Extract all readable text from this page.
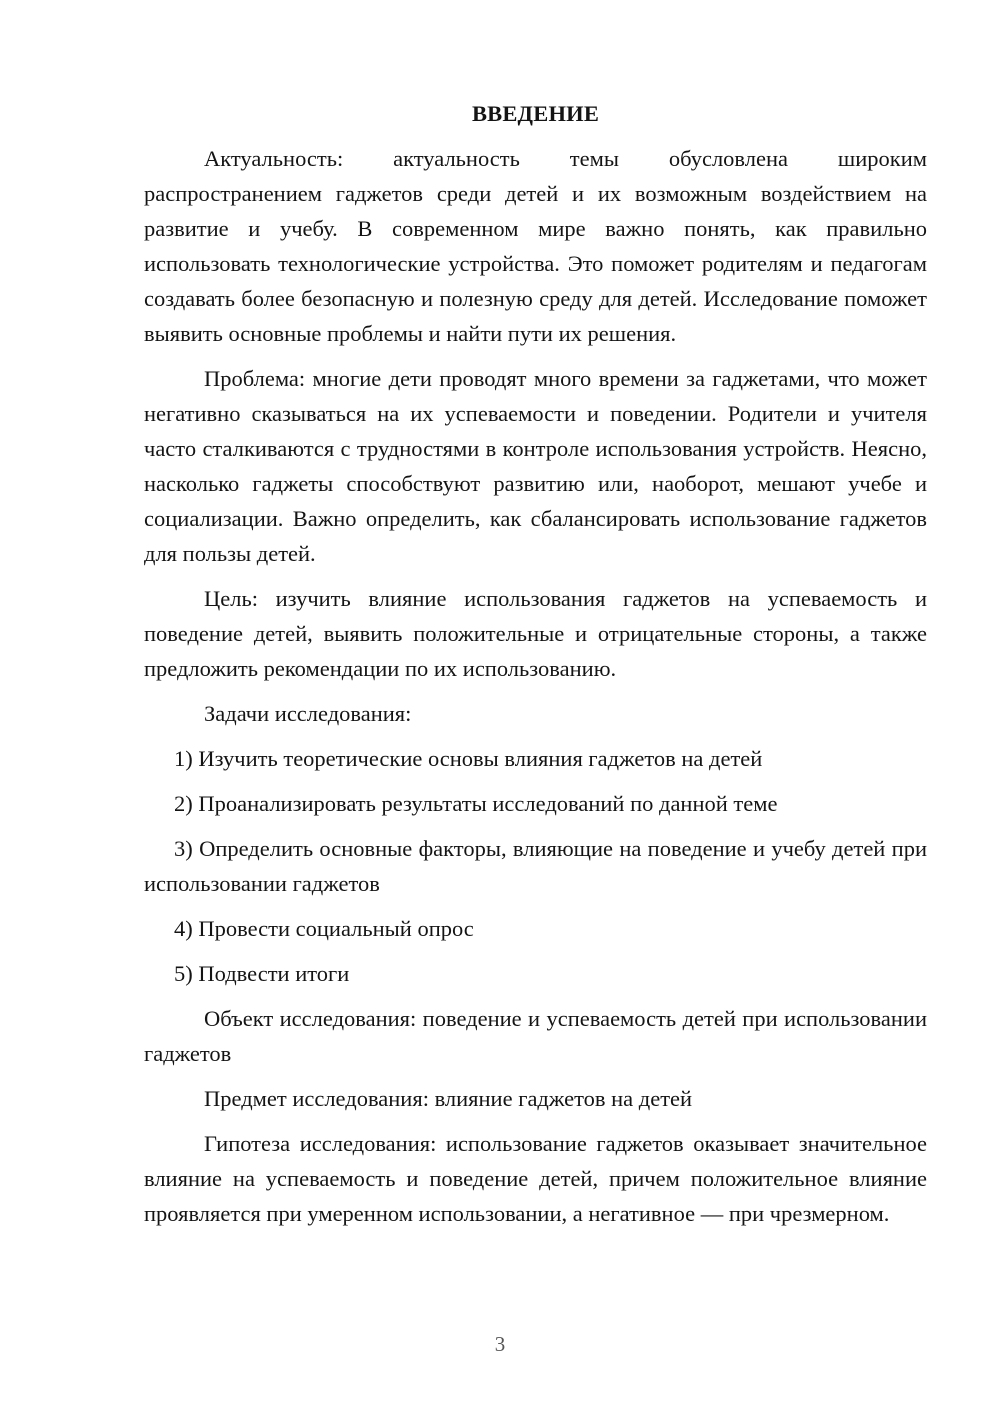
ВВЕДЕНИЕ

Актуальность: актуальность темы обусловлена широким распространением гаджетов среди детей и их возможным воздействием на развитие и учебу. В современном мире важно понять, как правильно использовать технологические устройства. Это поможет родителям и педагогам создавать более безопасную и полезную среду для детей. Исследование поможет выявить основные проблемы и найти пути их решения.

Проблема: многие дети проводят много времени за гаджетами, что может негативно сказываться на их успеваемости и поведении. Родители и учителя часто сталкиваются с трудностями в контроле использования устройств. Неясно, насколько гаджеты способствуют развитию или, наоборот, мешают учебе и социализации. Важно определить, как сбалансировать использование гаджетов для пользы детей.

Цель: изучить влияние использования гаджетов на успеваемость и поведение детей, выявить положительные и отрицательные стороны, а также предложить рекомендации по их использованию.

Задачи исследования:

1) Изучить теоретические основы влияния гаджетов на детей

2) Проанализировать результаты исследований по данной теме

3) Определить основные факторы, влияющие на поведение и учебу детей при использовании гаджетов

4) Провести социальный опрос

5) Подвести итоги

Объект исследования: поведение и успеваемость детей при использовании гаджетов

Предмет исследования: влияние гаджетов на детей

Гипотеза исследования: использование гаджетов оказывает значительное влияние на успеваемость и поведение детей, причем положительное влияние проявляется при умеренном использовании, а негативное — при чрезмерном.

3
